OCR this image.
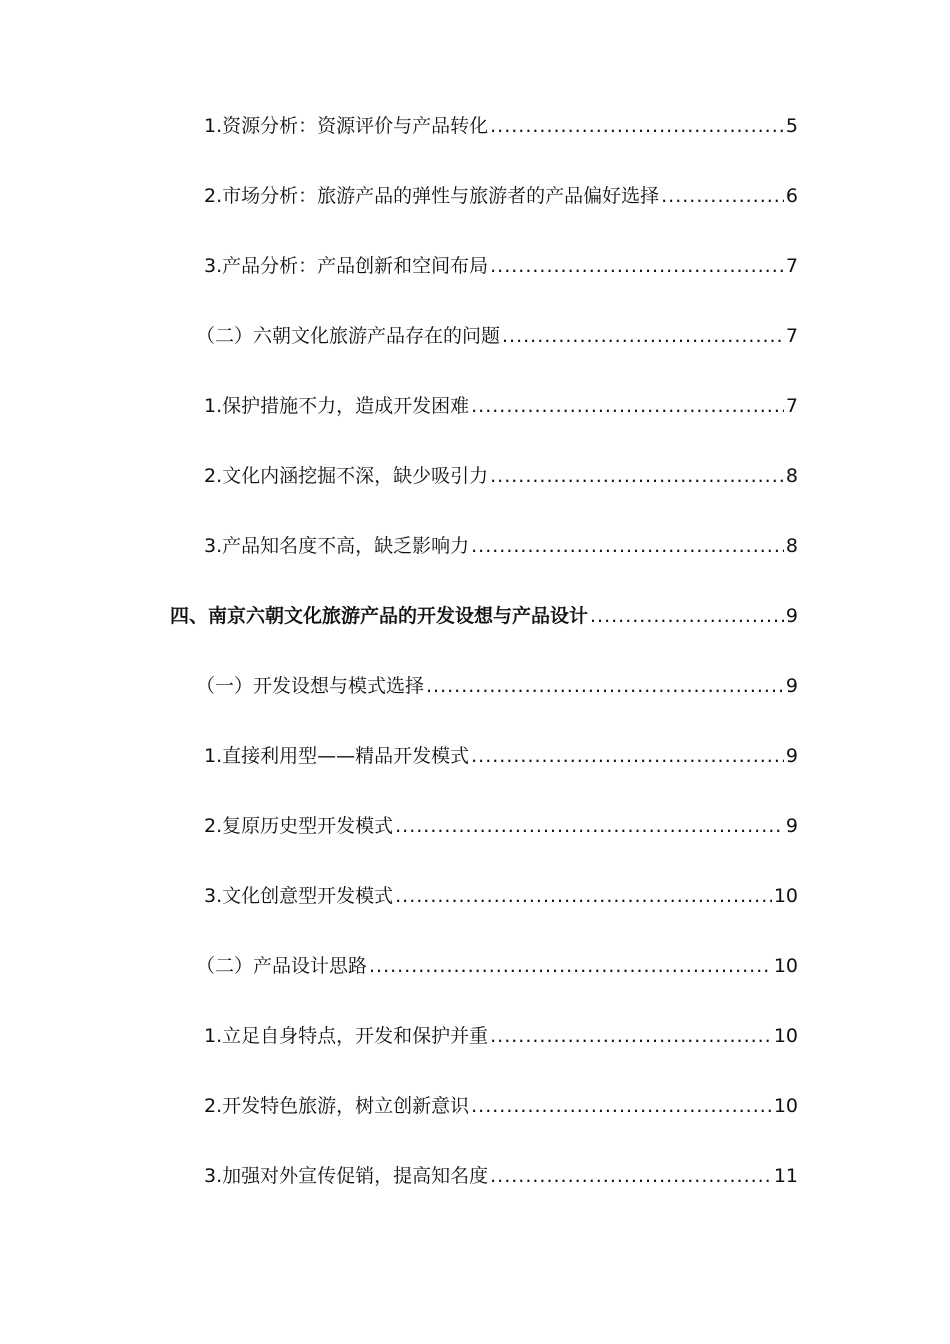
1.资源分析：资源评价与产品转化 .....	5
2.市场分析：旅游产品的弹性与旅游者的产品偏好选择 .....	6
3.产品分析：产品创新和空间布局 .....	7
（二）六朝文化旅游产品存在的问题 .....	7
1.保护措施不力，造成开发困难 .....	7
2.文化内涵挖掘不深，缺少吸引力 .....	8
3.产品知名度不高，缺乏影响力 .....	8
四、南京六朝文化旅游产品的开发设想与产品设计 .....	9
（一）开发设想与模式选择 .....	9
1.直接利用型——精品开发模式 .....	9
2.复原历史型开发模式 .....	9
3.文化创意型开发模式 .....	10
（二）产品设计思路 .....	10
1.立足自身特点，开发和保护并重 .....	10
2.开发特色旅游，树立创新意识 .....	10
3.加强对外宣传促销，提高知名度 .....	11
